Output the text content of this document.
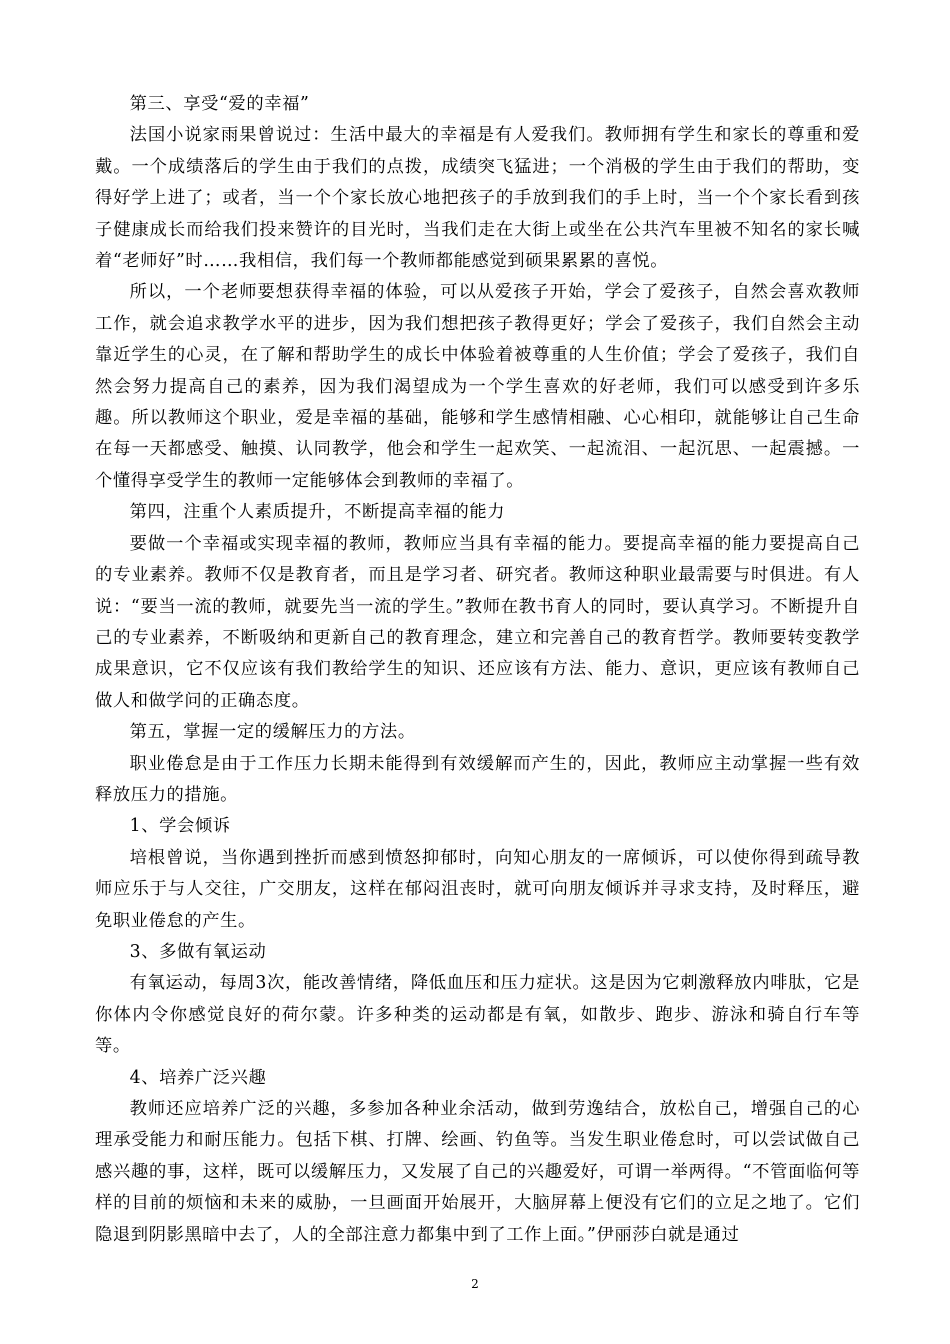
第三、享受“爱的幸福”

法国小说家雨果曾说过：生活中最大的幸福是有人爱我们。教师拥有学生和家长的尊重和爱戴。一个成绩落后的学生由于我们的点拨，成绩突飞猛进；一个消极的学生由于我们的帮助，变得好学上进了；或者，当一个个家长放心地把孩子的手放到我们的手上时，当一个个家长看到孩子健康成长而给我们投来赞许的目光时，当我们走在大街上或坐在公共汽车里被不知名的家长喊着“老师好”时……我相信，我们每一个教师都能感觉到硕果累累的喜悦。

所以，一个老师要想获得幸福的体验，可以从爱孩子开始，学会了爱孩子，自然会喜欢教师工作，就会追求教学水平的进步，因为我们想把孩子教得更好；学会了爱孩子，我们自然会主动靠近学生的心灵，在了解和帮助学生的成长中体验着被尊重的人生价值；学会了爱孩子，我们自然会努力提高自己的素养，因为我们渴望成为一个学生喜欢的好老师，我们可以感受到许多乐趣。所以教师这个职业，爱是幸福的基础，能够和学生感情相融、心心相印，就能够让自己生命在每一天都感受、触摸、认同教学，他会和学生一起欢笑、一起流泪、一起沉思、一起震撼。一个懂得享受学生的教师一定能够体会到教师的幸福了。

第四，注重个人素质提升，不断提高幸福的能力

要做一个幸福或实现幸福的教师，教师应当具有幸福的能力。要提高幸福的能力要提高自己的专业素养。教师不仅是教育者，而且是学习者、研究者。教师这种职业最需要与时俱进。有人说：“要当一流的教师，就要先当一流的学生。”教师在教书育人的同时，要认真学习。不断提升自己的专业素养，不断吸纳和更新自己的教育理念，建立和完善自己的教育哲学。教师要转变教学成果意识，它不仅应该有我们教给学生的知识、还应该有方法、能力、意识，更应该有教师自己做人和做学问的正确态度。

第五，掌握一定的缓解压力的方法。

职业倦怠是由于工作压力长期未能得到有效缓解而产生的，因此，教师应主动掌握一些有效释放压力的措施。

1、学会倾诉

培根曾说，当你遇到挫折而感到愤怒抑郁时，向知心朋友的一席倾诉，可以使你得到疏导教师应乐于与人交往，广交朋友，这样在郁闷沮丧时，就可向朋友倾诉并寻求支持，及时释压，避免职业倦怠的产生。

3、多做有氧运动

有氧运动，每周3次，能改善情绪，降低血压和压力症状。这是因为它刺激释放内啡肽，它是你体内令你感觉良好的荷尔蒙。许多种类的运动都是有氧，如散步、跑步、游泳和骑自行车等等。

4、培养广泛兴趣

教师还应培养广泛的兴趣，多参加各种业余活动，做到劳逸结合，放松自己，增强自己的心理承受能力和耐压能力。包括下棋、打牌、绘画、钓鱼等。当发生职业倦怠时，可以尝试做自己感兴趣的事，这样，既可以缓解压力，又发展了自己的兴趣爱好，可谓一举两得。“不管面临何等样的目前的烦恼和未来的威胁，一旦画面开始展开，大脑屏幕上便没有它们的立足之地了。它们隐退到阴影黑暗中去了，人的全部注意力都集中到了工作上面。”伊丽莎白就是通过

2
